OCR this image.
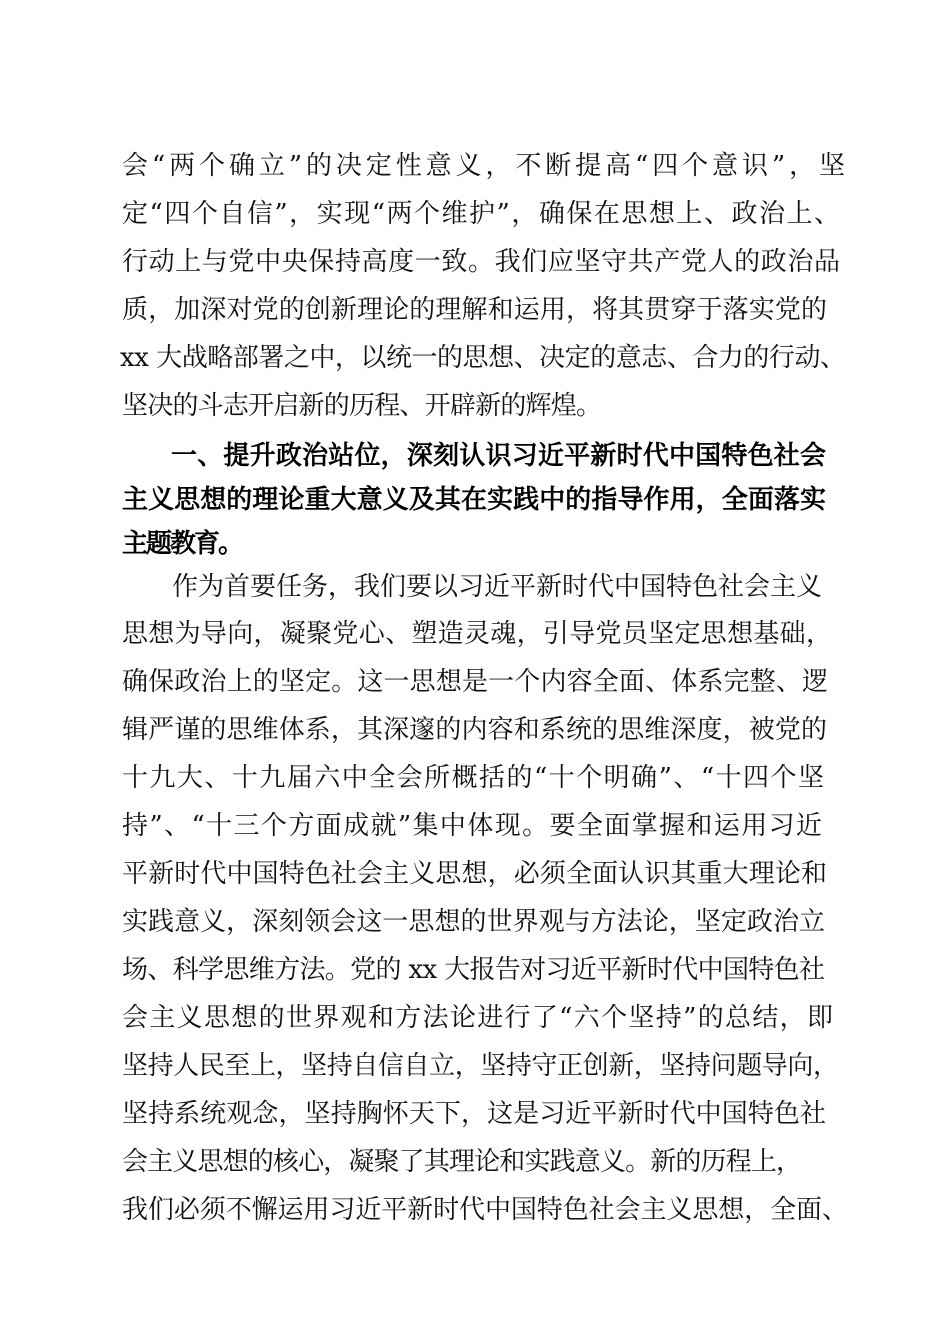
会“两个确立”的决定性意义，不断提高“四个意识”，坚

定“四个自信”，实现“两个维护”，确保在思想上、政治上、

行动上与党中央保持高度一致。我们应坚守共产党人的政治品

质，加深对党的创新理论的理解和运用，将其贯穿于落实党的

xx 大战略部署之中，以统一的思想、决定的意志、合力的行动、

坚决的斗志开启新的历程、开辟新的辉煌。

一、提升政治站位，深刻认识习近平新时代中国特色社会

主义思想的理论重大意义及其在实践中的指导作用，全面落实

主题教育。

作为首要任务，我们要以习近平新时代中国特色社会主义

思想为导向，凝聚党心、塑造灵魂，引导党员坚定思想基础，

确保政治上的坚定。这一思想是一个内容全面、体系完整、逻

辑严谨的思维体系，其深邃的内容和系统的思维深度，被党的

十九大、十九届六中全会所概括的“十个明确”、“十四个坚

持”、“十三个方面成就”集中体现。要全面掌握和运用习近

平新时代中国特色社会主义思想，必须全面认识其重大理论和

实践意义，深刻领会这一思想的世界观与方法论，坚定政治立

场、科学思维方法。党的 xx 大报告对习近平新时代中国特色社

会主义思想的世界观和方法论进行了“六个坚持”的总结，即

坚持人民至上，坚持自信自立，坚持守正创新，坚持问题导向，

坚持系统观念，坚持胸怀天下，这是习近平新时代中国特色社

会主义思想的核心，凝聚了其理论和实践意义。新的历程上，

我们必须不懈运用习近平新时代中国特色社会主义思想，全面、
